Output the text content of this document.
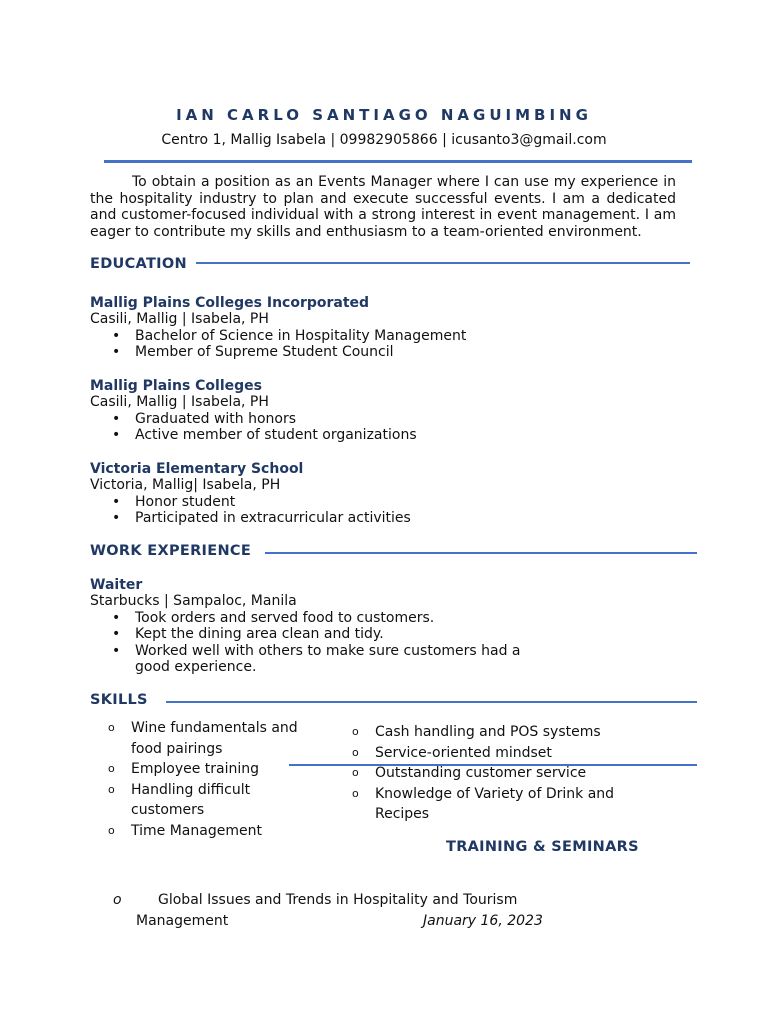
IAN CARLO SANTIAGO NAGUIMBING
Centro 1, Mallig Isabela | 09982905866 | icusanto3@gmail.com
To obtain a position as an Events Manager where I can use my experience in the hospitality industry to plan and execute successful events. I am a dedicated and customer-focused individual with a strong interest in event management. I am eager to contribute my skills and enthusiasm to a team-oriented environment.
EDUCATION
Mallig Plains Colleges Incorporated
Casili, Mallig | Isabela, PH
• Bachelor of Science in Hospitality Management
• Member of Supreme Student Council
Mallig Plains Colleges
Casili, Mallig | Isabela, PH
• Graduated with honors
• Active member of student organizations
Victoria Elementary School
Victoria, Mallig| Isabela, PH
• Honor student
• Participated in extracurricular activities
WORK EXPERIENCE
Waiter
Starbucks | Sampaloc, Manila
• Took orders and served food to customers.
• Kept the dining area clean and tidy.
• Worked well with others to make sure customers had a good experience.
SKILLS
o Wine fundamentals and food pairings
o Employee training
o Handling difficult customers
o Time Management
o Cash handling and POS systems
o Service-oriented mindset
o Outstanding customer service
o Knowledge of Variety of Drink and Recipes
TRAINING & SEMINARS
o	Global Issues and Trends in Hospitality and Tourism
Management	January 16, 2023
